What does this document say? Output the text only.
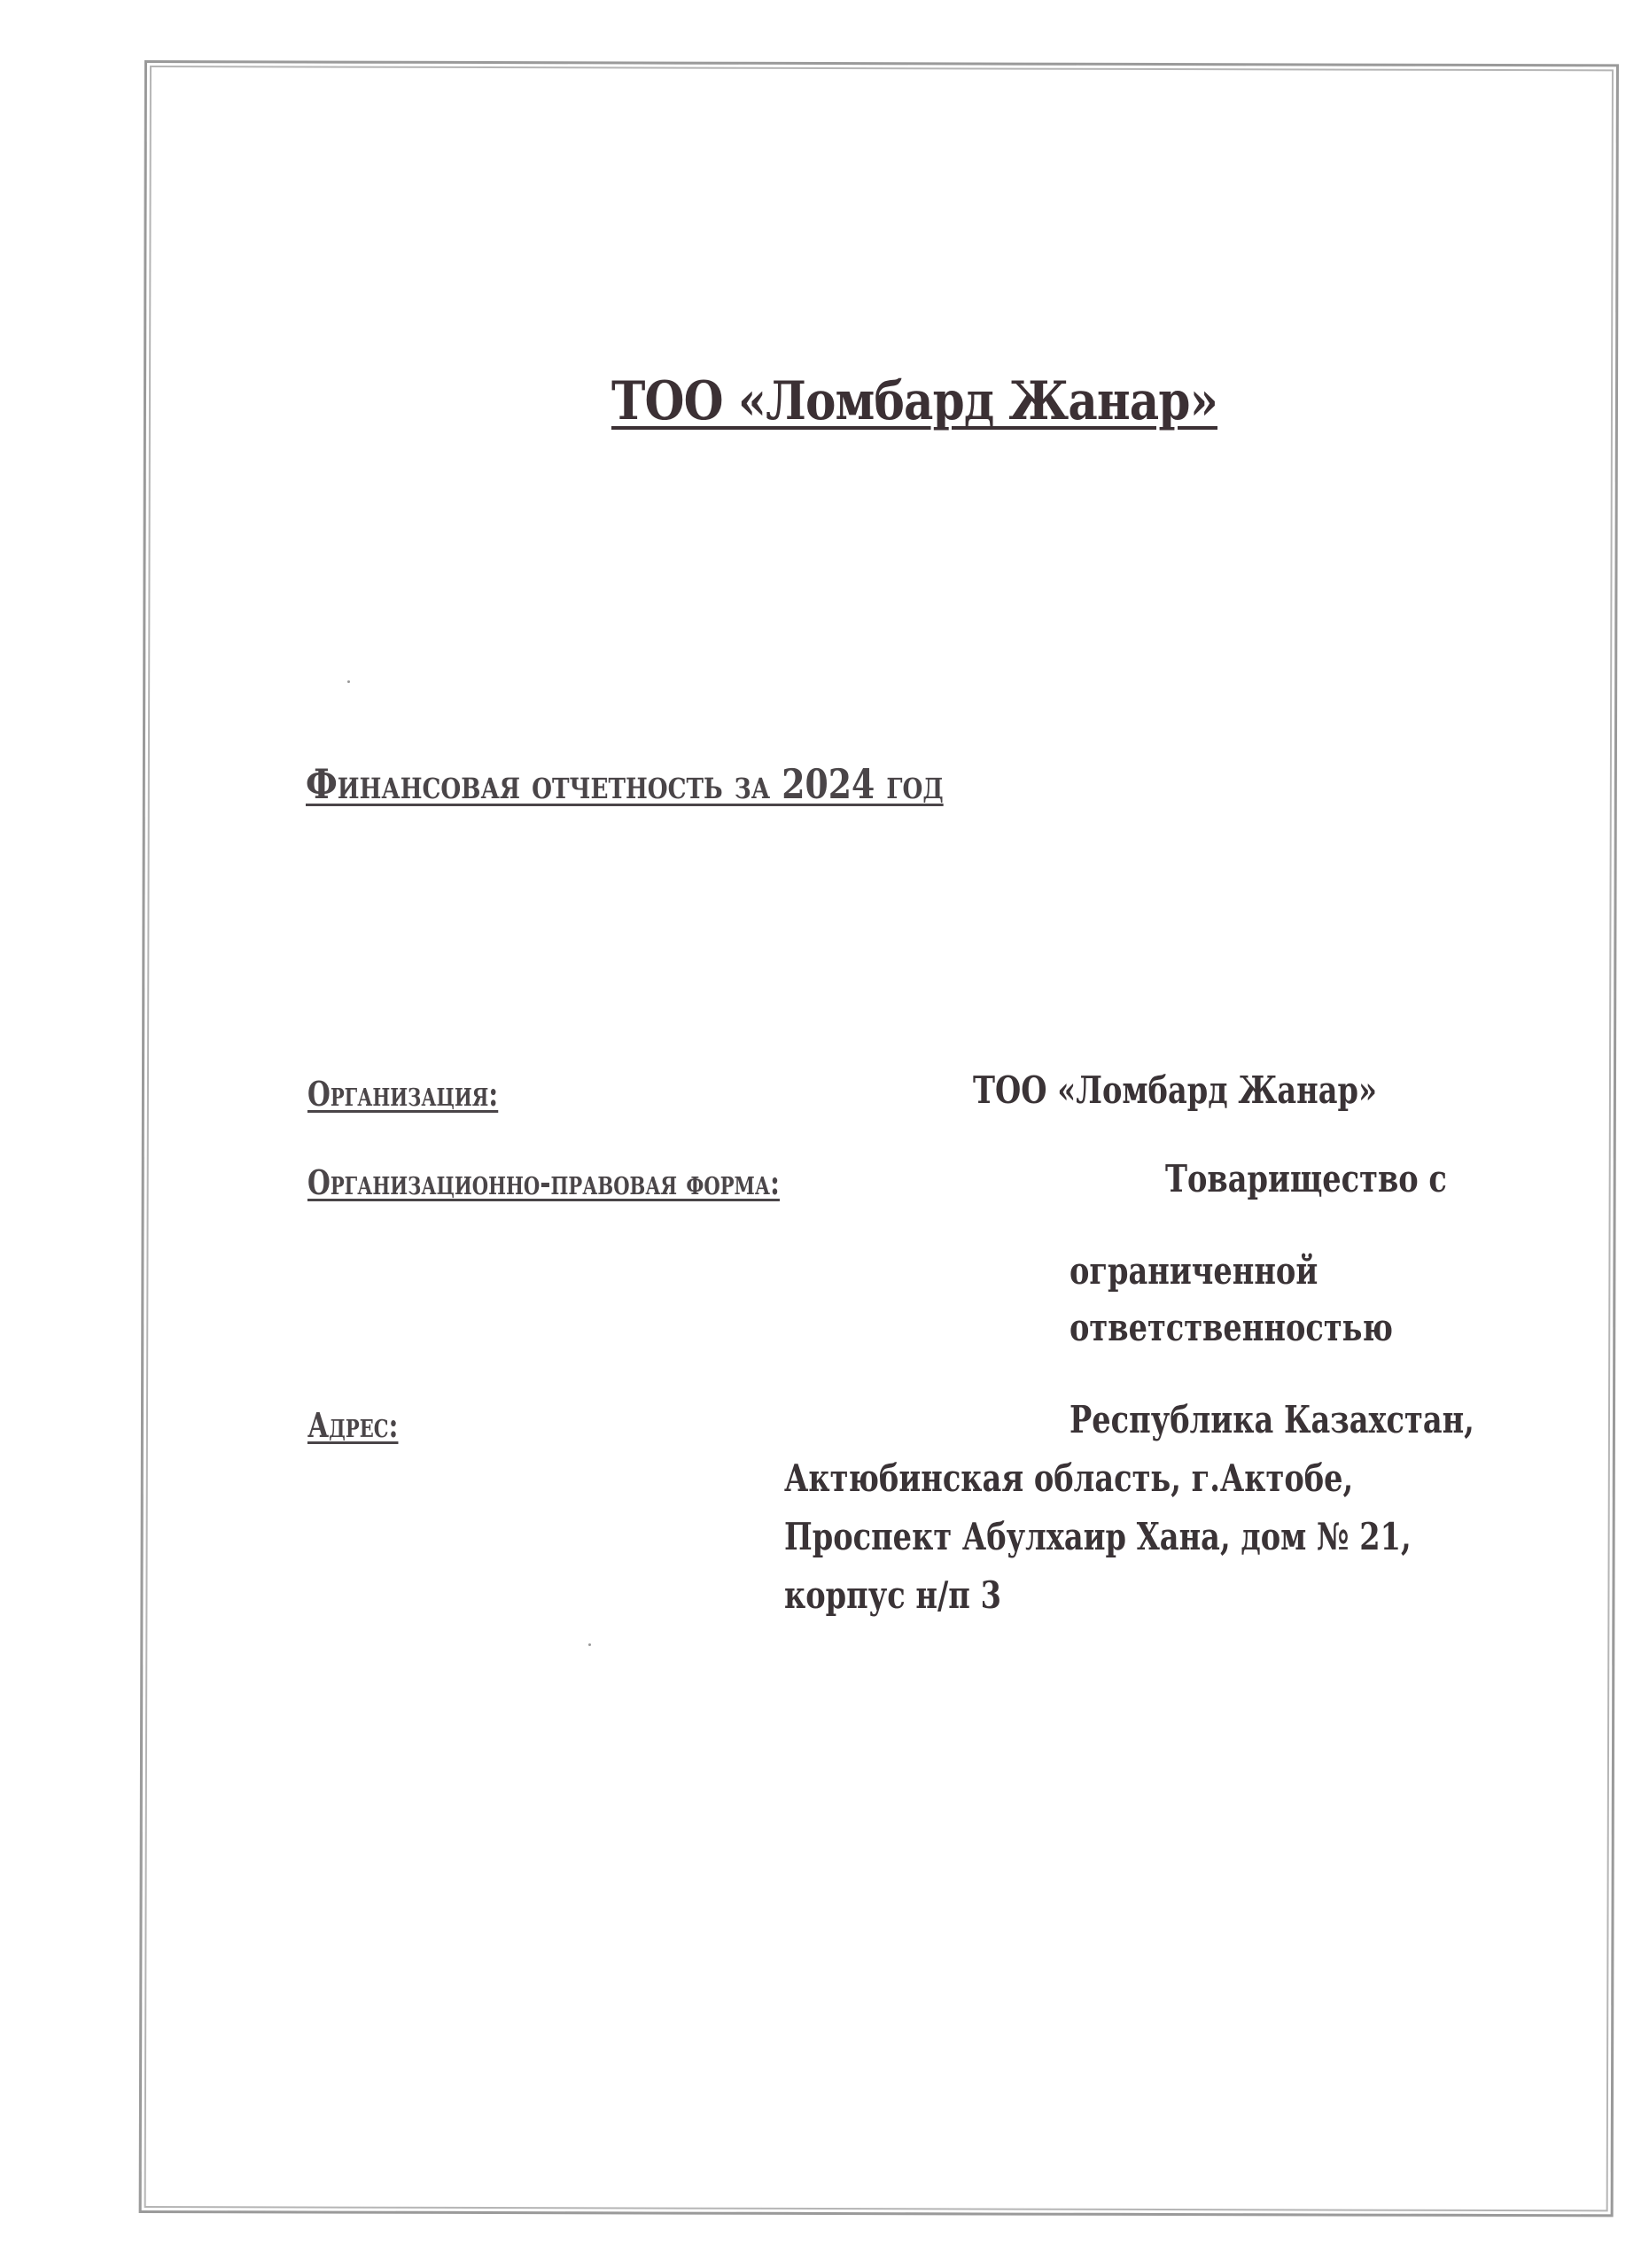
ТОО «Ломбард Жанар»
Финансовая отчетность за 2024 год
Организация:	ТОО «Ломбард Жанар»
Организационно-правовая форма:	Товарищество с
ограниченной
ответственностью
Адрес:	Республика Казахстан,
Актюбинская область, г.Актобе,
Проспект Абулхаир Хана, дом № 21,
корпус н/п 3
